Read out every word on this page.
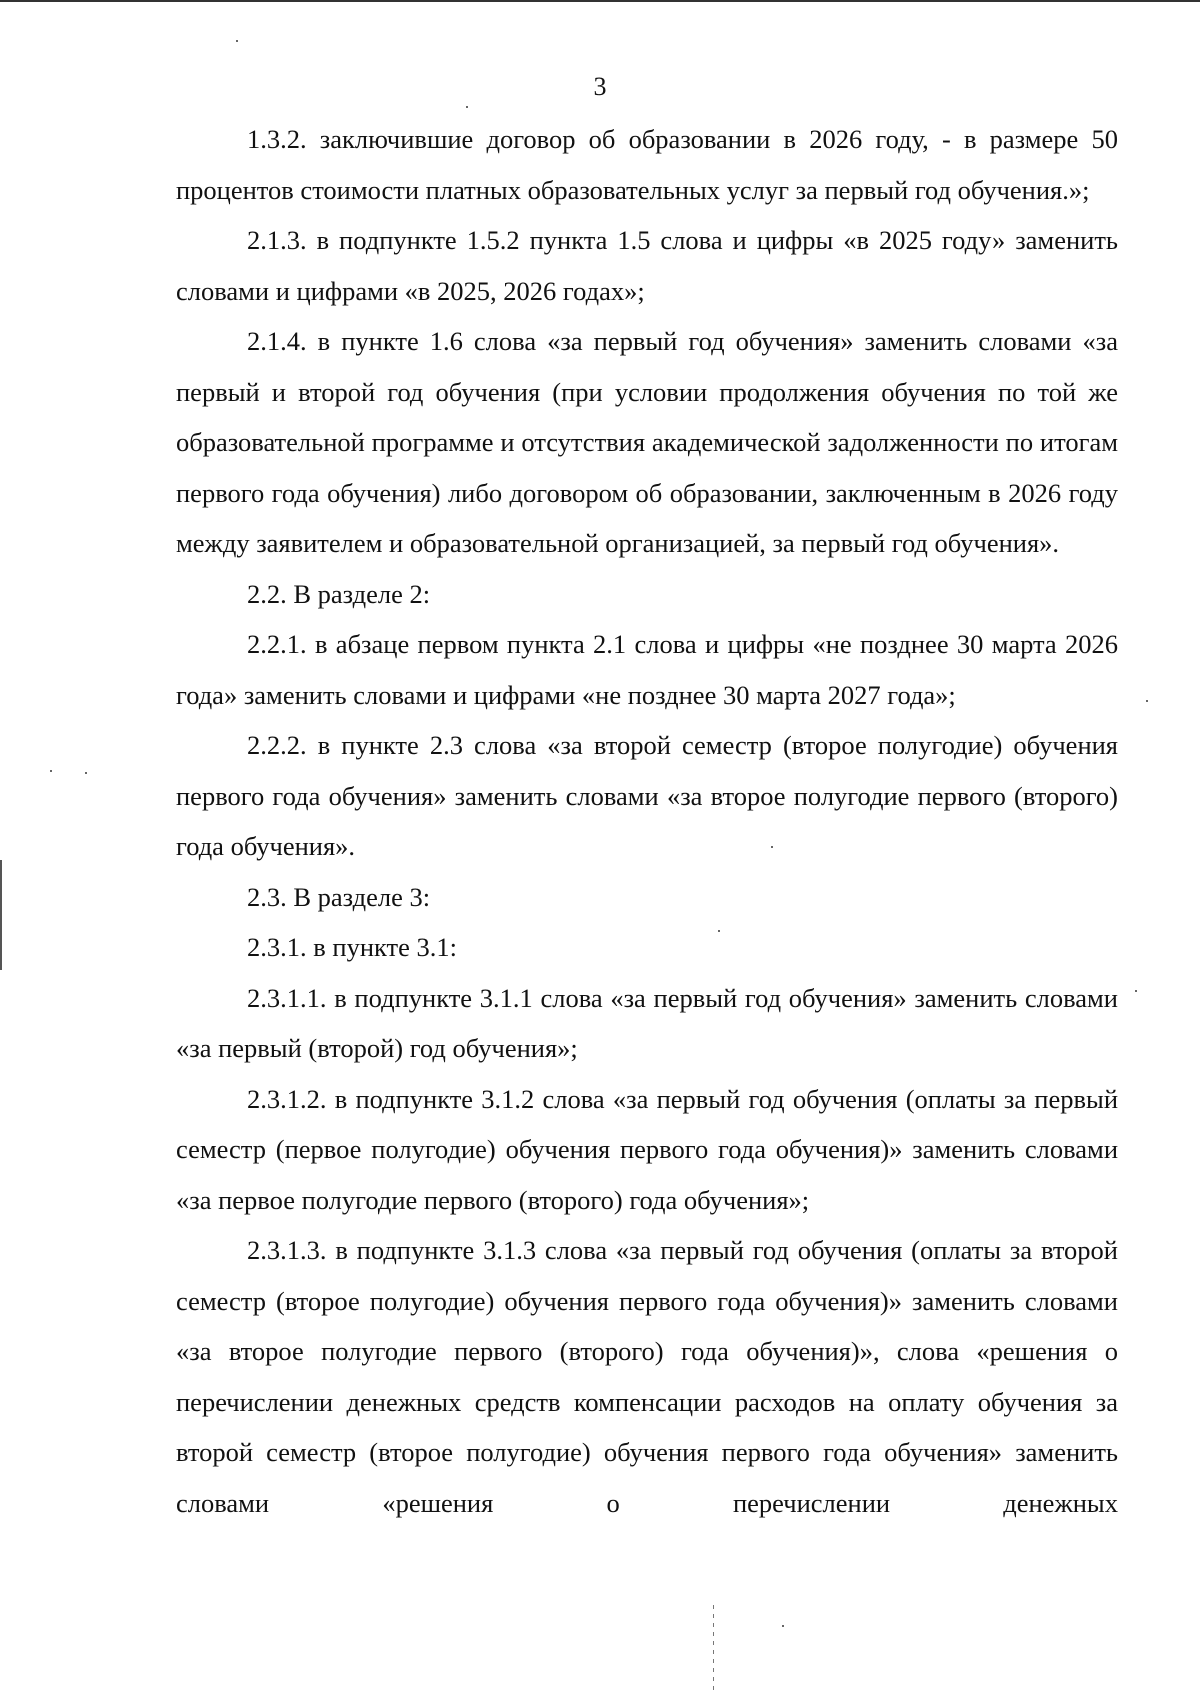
3

1.3.2. заключившие договор об образовании в 2026 году, - в размере 50 процентов стоимости платных образовательных услуг за первый год обучения.»;

2.1.3. в подпункте 1.5.2 пункта 1.5 слова и цифры «в 2025 году» заменить словами и цифрами «в 2025, 2026 годах»;

2.1.4. в пункте 1.6 слова «за первый год обучения» заменить словами «за первый и второй год обучения (при условии продолжения обучения по той же образовательной программе и отсутствия академической задолженности по итогам первого года обучения) либо договором об образовании, заключенным в 2026 году между заявителем и образовательной организацией, за первый год обучения».

2.2. В разделе 2:

2.2.1. в абзаце первом пункта 2.1 слова и цифры «не позднее 30 марта 2026 года» заменить словами и цифрами «не позднее 30 марта 2027 года»;

2.2.2. в пункте 2.3 слова «за второй семестр (второе полугодие) обучения первого года обучения» заменить словами «за второе полугодие первого (второго) года обучения».

2.3. В разделе 3:

2.3.1. в пункте 3.1:

2.3.1.1. в подпункте 3.1.1 слова «за первый год обучения» заменить словами «за первый (второй) год обучения»;

2.3.1.2. в подпункте 3.1.2 слова «за первый год обучения (оплаты за первый семестр (первое полугодие) обучения первого года обучения)» заменить словами «за первое полугодие первого (второго) года обучения»;

2.3.1.3. в подпункте 3.1.3 слова «за первый год обучения (оплаты за второй семестр (второе полугодие) обучения первого года обучения)» заменить словами «за второе полугодие первого (второго) года обучения)», слова «решения о перечислении денежных средств компенсации расходов на оплату обучения за второй семестр (второе полугодие) обучения первого года обучения» заменить словами «решения о перечислении денежных
